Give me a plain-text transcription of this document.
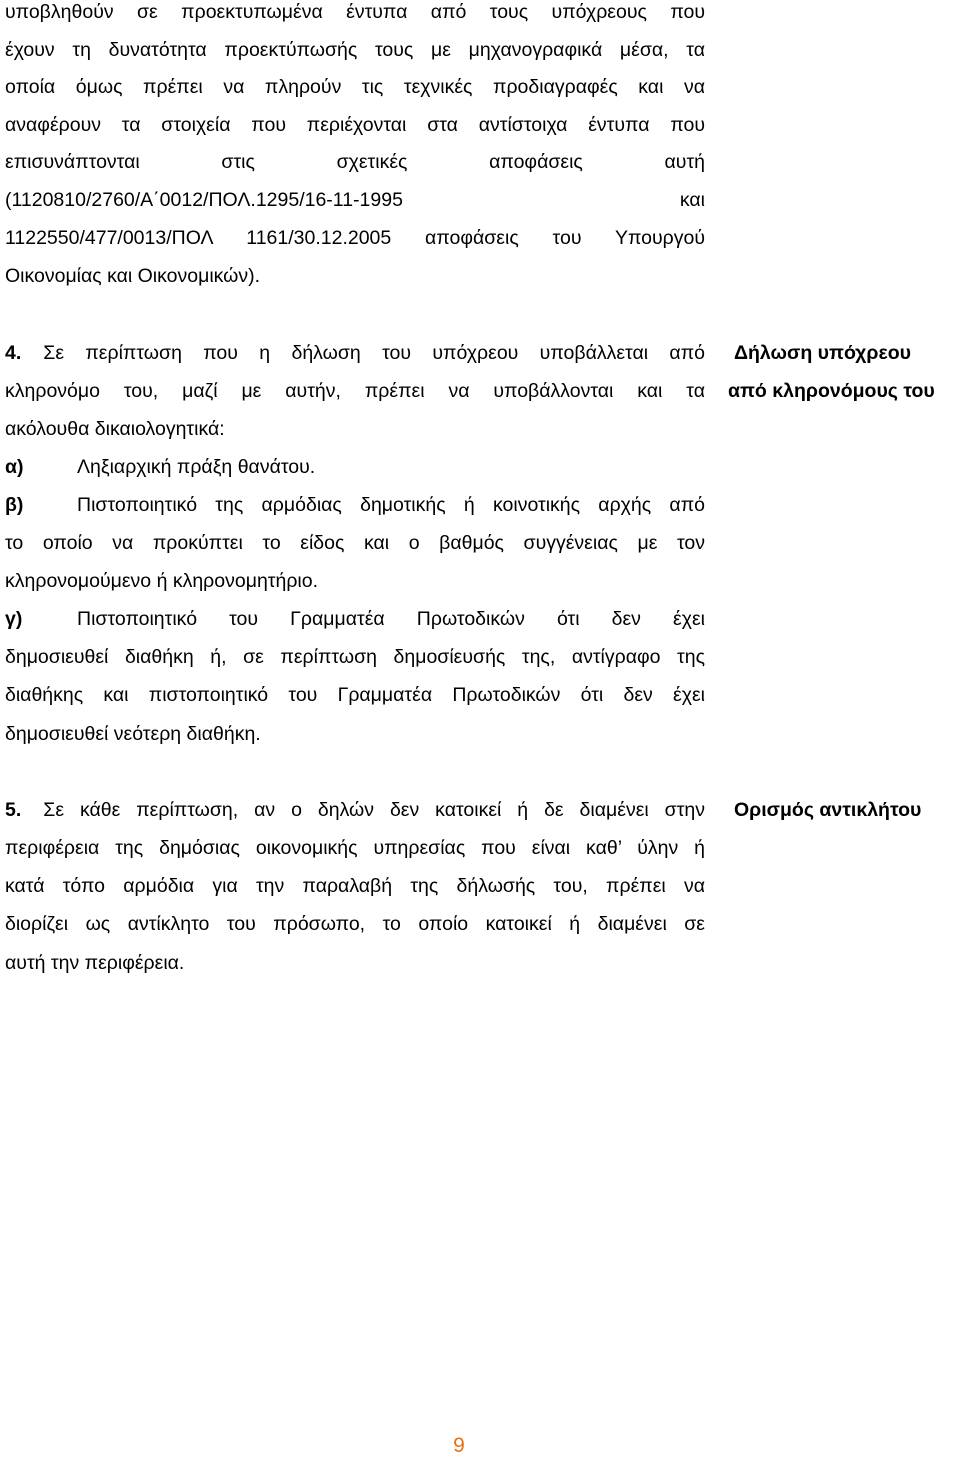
υποβληθούν σε προεκτυπωμένα έντυπα από τους υπόχρεους που
έχουν τη δυνατότητα προεκτύπωσής τους με μηχανογραφικά μέσα, τα
οποία όμως πρέπει να πληρούν τις τεχνικές προδιαγραφές και να
αναφέρουν τα στοιχεία που περιέχονται στα αντίστοιχα έντυπα που
επισυνάπτονται στις σχετικές αποφάσεις αυτή
(1120810/2760/Α΄0012/ΠΟΛ.1295/16-11-1995 και
1122550/477/0013/ΠΟΛ 1161/30.12.2005 αποφάσεις του Υπουργού
Οικονομίας και Οικονομικών).
4. Σε περίπτωση που η δήλωση του υπόχρεου υποβάλλεται από
κληρονόμο του, μαζί με αυτήν, πρέπει να υποβάλλονται και τα
ακόλουθα δικαιολογητικά:
α)	Ληξιαρχική πράξη θανάτου.
β)	Πιστοποιητικό της αρμόδιας δημοτικής ή κοινοτικής αρχής από
το οποίο να προκύπτει το είδος και ο βαθμός συγγένειας με τον
κληρονομούμενο ή κληρονομητήριο.
γ)	Πιστοποιητικό του Γραμματέα Πρωτοδικών ότι δεν έχει
δημοσιευθεί διαθήκη ή, σε περίπτωση δημοσίευσής της, αντίγραφο της
διαθήκης και πιστοποιητικό του Γραμματέα Πρωτοδικών ότι δεν έχει
δημοσιευθεί νεότερη διαθήκη.
Δήλωση υπόχρεου
από κληρονόμους του
5. Σε κάθε περίπτωση, αν ο δηλών δεν κατοικεί ή δε διαμένει στην
περιφέρεια της δημόσιας οικονομικής υπηρεσίας που είναι καθ’ ύλην ή
κατά τόπο αρμόδια για την παραλαβή της δήλωσής του, πρέπει να
διορίζει ως αντίκλητο του πρόσωπο, το οποίο κατοικεί ή διαμένει σε
αυτή την περιφέρεια.
Ορισμός αντικλήτου
9
